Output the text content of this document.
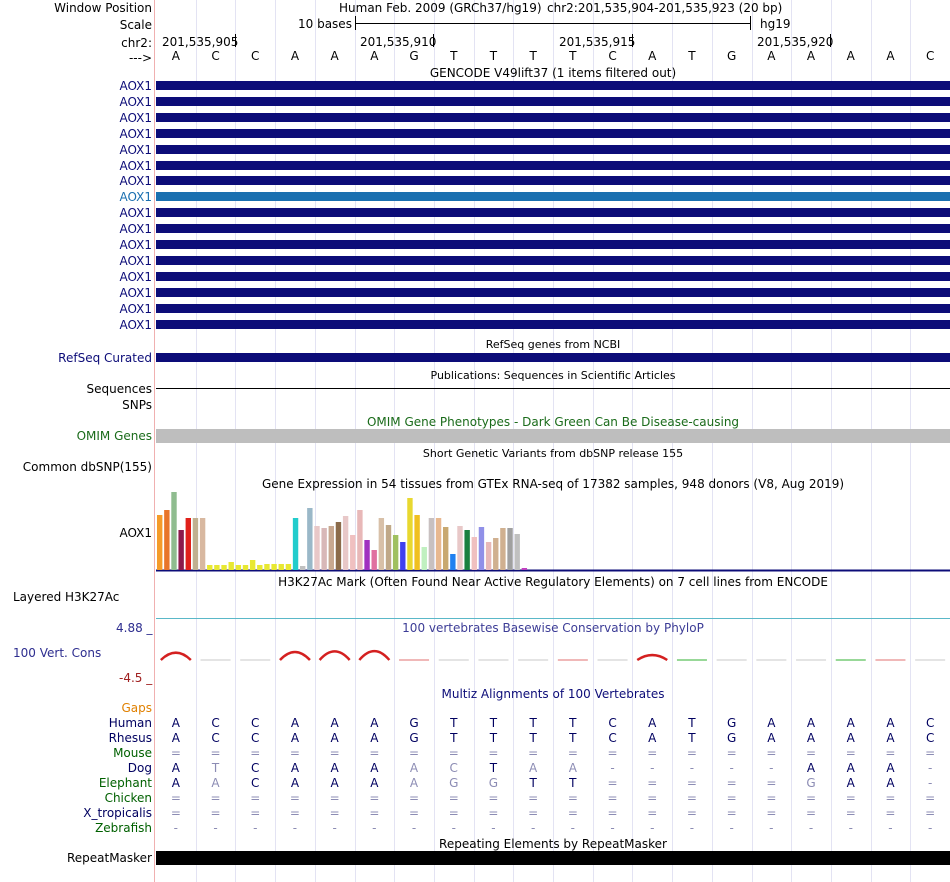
Window Position	Human Feb. 2009 (GRCh37/hg19) chr2:201,535,904-201,535,923 (20 bp)
Scale	10 bases	hg19
chr2: 201,535,905	201,535,910	201,535,915	201,535,920
--->	A	C	C	A	A	A	G	T	T	T	T	C	A	T	G	A	A	A	A	C
GENCODE V49lift37 (1 items filtered out)
AOX1
AOX1
AOX1
AOX1
AOX1
AOX1
AOX1
AOX1
AOX1
AOX1
AOX1
AOX1
AOX1
AOX1
AOX1
AOX1
RefSeq genes from NCBI
RefSeq Curated
Publications: Sequences in Scientific Articles
Sequences
SNPs
OMIM Gene Phenotypes - Dark Green Can Be Disease-causing
OMIM Genes
Short Genetic Variants from dbSNP release 155
Common dbSNP(155)
Gene Expression in 54 tissues from GTEx RNA-seq of 17382 samples, 948 donors (V8, Aug 2019)
AOX1
H3K27Ac Mark (Often Found Near Active Regulatory Elements) on 7 cell lines from ENCODE
Layered H3K27Ac
4.88 _	100 vertebrates Basewise Conservation by PhyloP
100 Vert. Cons
-4.5 _
Multiz Alignments of 100 Vertebrates
Gaps
Human	A	C	C	A	A	A	G	T	T	T	T	C	A	T	G	A	A	A	A	C
Rhesus	A	C	C	A	A	A	G	T	T	T	T	C	A	T	G	A	A	A	A	C
Mouse	=	=	=	=	=	=	=	=	=	=	=	=	=	=	=	=	=	=	=	=
Dog	A	T	C	A	A	A	A	C	T	A	A	-	-	-	-	-	A	A	A	-
Elephant	A	A	C	A	A	A	A	G	G	T	T	=	=	=	=	=	G	A	A	-
Chicken	=	=	=	=	=	=	=	=	=	=	=	=	=	=	=	=	=	=	=	=
X_tropicalis	=	=	=	=	=	=	=	=	=	=	=	=	=	=	=	=	=	=	=	=
Zebrafish	-	-	-	-	-	-	-	-	-	-	-	-	-	-	-	-	-	-	-	-
Repeating Elements by RepeatMasker
RepeatMasker
